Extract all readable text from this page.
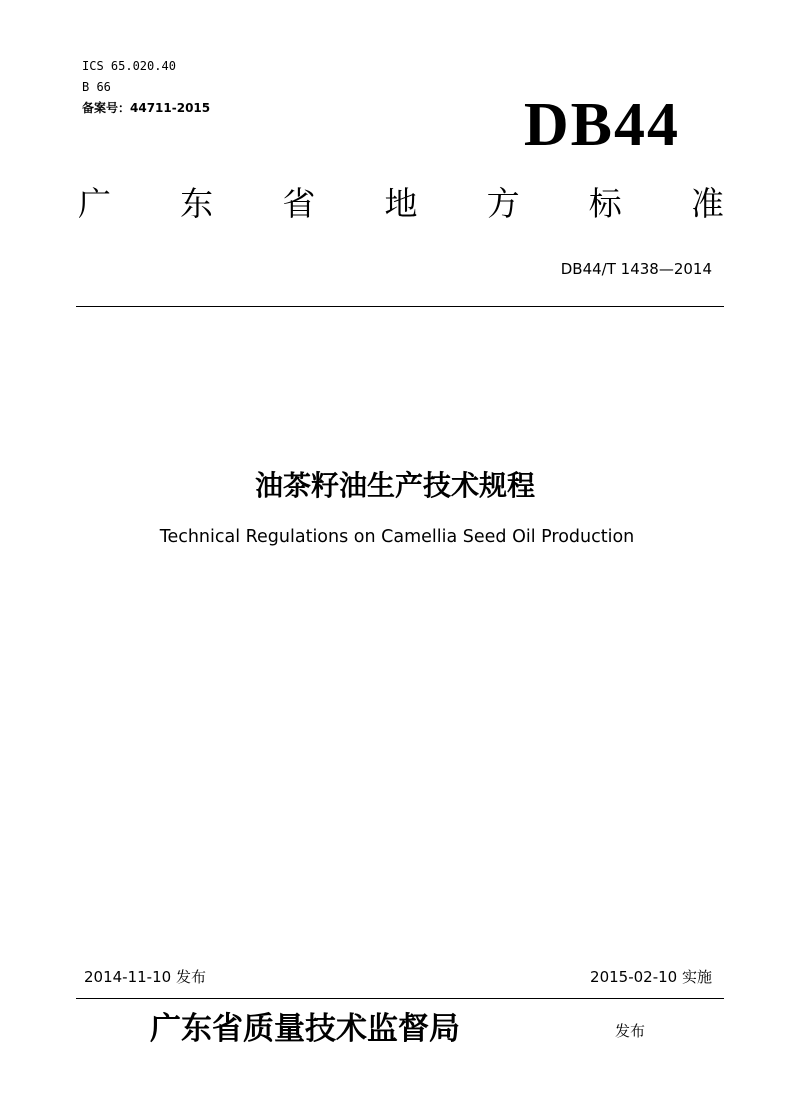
ICS 65.020.40
B 66
备案号：44711-2015	DB44
广 东 省 地 方 标 准
DB44/T 1438—2014
油茶籽油生产技术规程
Technical Regulations on Camellia Seed Oil Production
2014-11-10 发布	2015-02-10 实施
广东省质量技术监督局	发布
